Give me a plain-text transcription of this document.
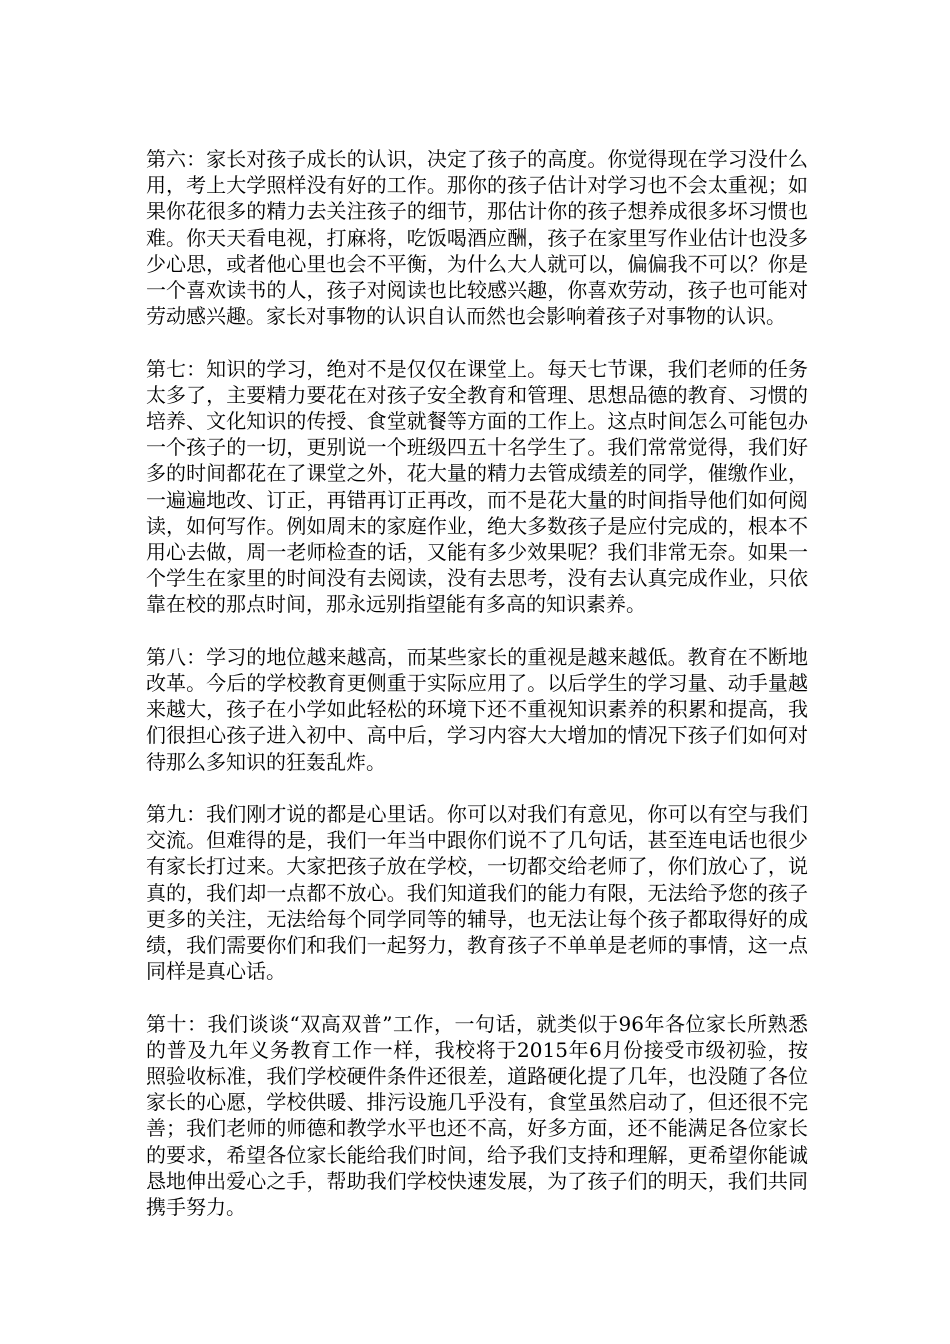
第六：家长对孩子成长的认识，决定了孩子的高度。你觉得现在学习没什么用，考上大学照样没有好的工作。那你的孩子估计对学习也不会太重视；如果你花很多的精力去关注孩子的细节，那估计你的孩子想养成很多坏习惯也难。你天天看电视，打麻将，吃饭喝酒应酬，孩子在家里写作业估计也没多少心思，或者他心里也会不平衡，为什么大人就可以，偏偏我不可以？你是一个喜欢读书的人，孩子对阅读也比较感兴趣，你喜欢劳动，孩子也可能对劳动感兴趣。家长对事物的认识自认而然也会影响着孩子对事物的认识。

第七：知识的学习，绝对不是仅仅在课堂上。每天七节课，我们老师的任务太多了，主要精力要花在对孩子安全教育和管理、思想品德的教育、习惯的培养、文化知识的传授、食堂就餐等方面的工作上。这点时间怎么可能包办一个孩子的一切，更别说一个班级四五十名学生了。我们常常觉得，我们好多的时间都花在了课堂之外，花大量的精力去管成绩差的同学，催缴作业，一遍遍地改、订正，再错再订正再改，而不是花大量的时间指导他们如何阅读，如何写作。例如周末的家庭作业，绝大多数孩子是应付完成的，根本不用心去做，周一老师检查的话，又能有多少效果呢？我们非常无奈。如果一个学生在家里的时间没有去阅读，没有去思考，没有去认真完成作业，只依靠在校的那点时间，那永远别指望能有多高的知识素养。

第八：学习的地位越来越高，而某些家长的重视是越来越低。教育在不断地改革。今后的学校教育更侧重于实际应用了。以后学生的学习量、动手量越来越大，孩子在小学如此轻松的环境下还不重视知识素养的积累和提高，我们很担心孩子进入初中、高中后，学习内容大大增加的情况下孩子们如何对待那么多知识的狂轰乱炸。

第九：我们刚才说的都是心里话。你可以对我们有意见，你可以有空与我们交流。但难得的是，我们一年当中跟你们说不了几句话，甚至连电话也很少有家长打过来。大家把孩子放在学校，一切都交给老师了，你们放心了，说真的，我们却一点都不放心。我们知道我们的能力有限，无法给予您的孩子更多的关注，无法给每个同学同等的辅导，也无法让每个孩子都取得好的成绩，我们需要你们和我们一起努力，教育孩子不单单是老师的事情，这一点同样是真心话。

第十：我们谈谈“双高双普”工作，一句话，就类似于96年各位家长所熟悉的普及九年义务教育工作一样，我校将于2015年6月份接受市级初验，按照验收标准，我们学校硬件条件还很差，道路硬化提了几年，也没随了各位家长的心愿，学校供暖、排污设施几乎没有，食堂虽然启动了，但还很不完善；我们老师的师德和教学水平也还不高，好多方面，还不能满足各位家长的要求，希望各位家长能给我们时间，给予我们支持和理解，更希望你能诚恳地伸出爱心之手，帮助我们学校快速发展，为了孩子们的明天，我们共同携手努力。
